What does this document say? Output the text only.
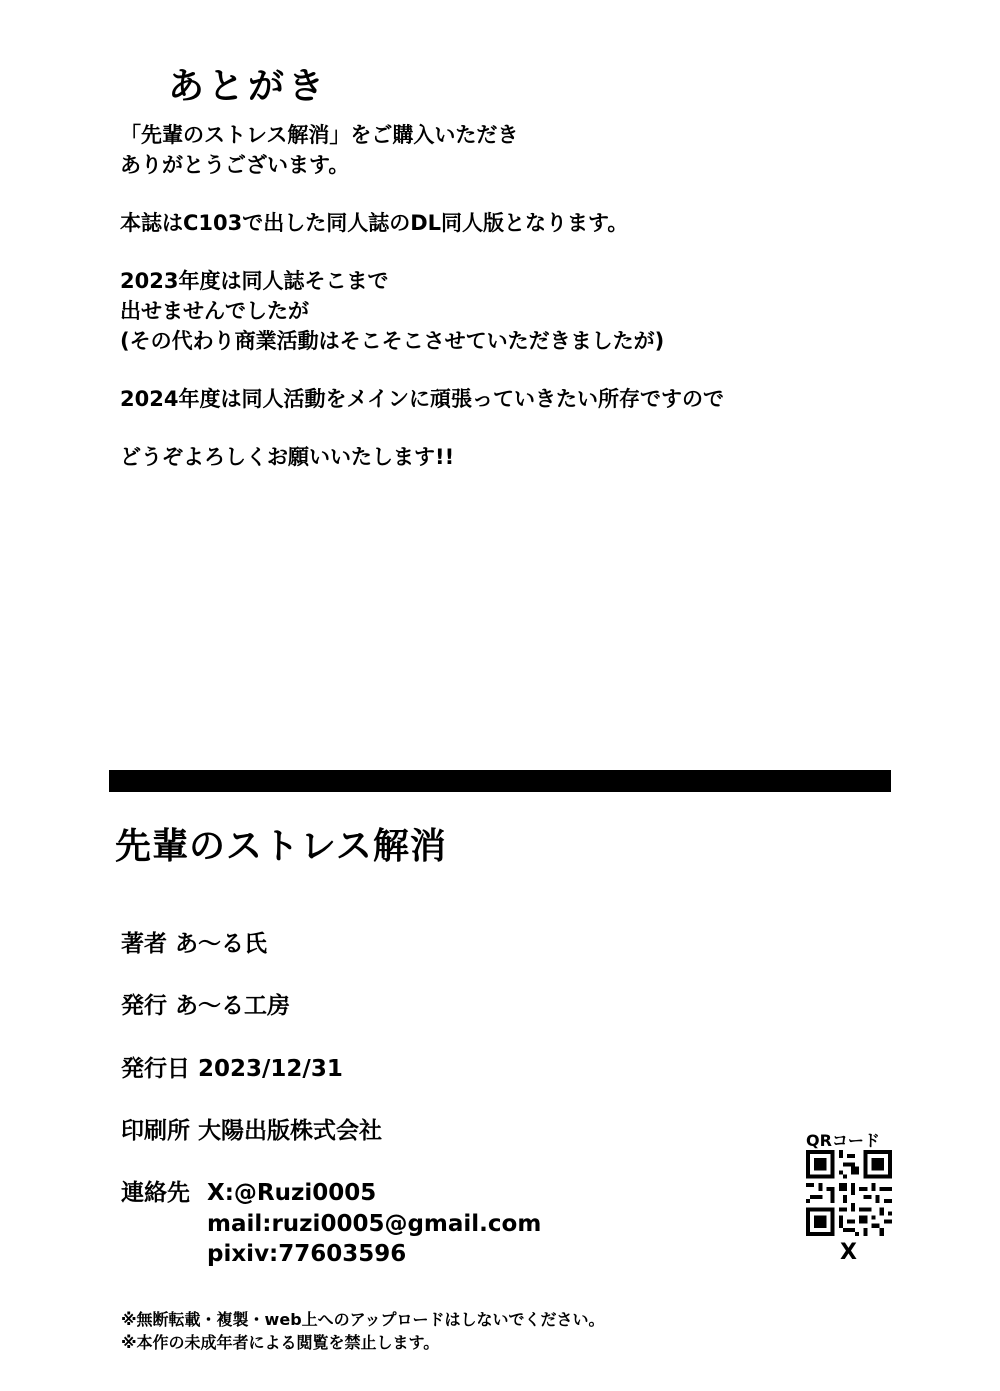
あとがき

「先輩のストレス解消」をご購入いただき

ありがとうございます。

本誌はC103で出した同人誌のDL同人版となります。

2023年度は同人誌そこまで

出せませんでしたが

(その代わり商業活動はそこそこさせていただきましたが)

2024年度は同人活動をメインに頑張っていきたい所存ですので

どうぞよろしくお願いいたします!!

先輩のストレス解消
著者 あ～る氏
発行 あ～る工房
発行日 2023/12/31
印刷所 大陽出版株式会社
連絡先 X:@Ruzi0005
mail:ruzi0005@gmail.com
pixiv:77603596
QRコード
X
※無断転載・複製・web上へのアップロードはしないでください。
※本作の未成年者による閲覧を禁止します。
